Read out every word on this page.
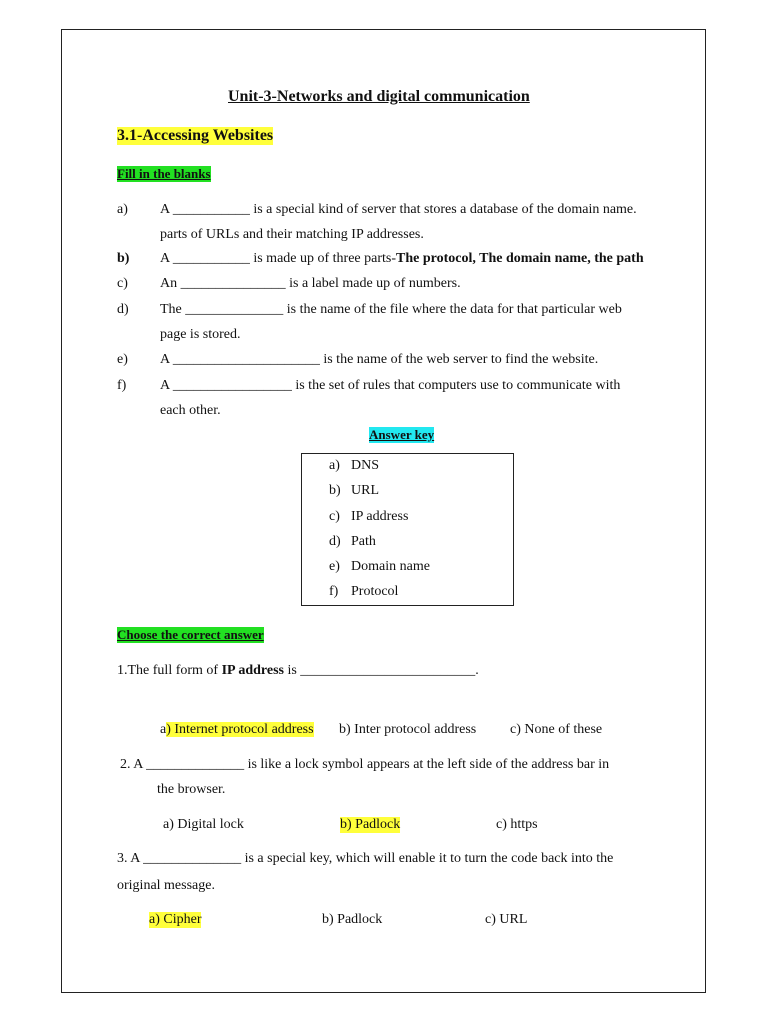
Unit-3-Networks and digital communication
3.1-Accessing Websites
Fill in the blanks
a) A ___________ is a special kind of server that stores a database of the domain name.
parts of URLs and their matching IP addresses.
b) A ___________ is made up of three parts-The protocol, The domain name, the path
c) An _______________ is a label made up of numbers.
d) The ______________ is the name of the file where the data for that particular web
page is stored.
e) A _____________________ is the name of the web server to find the website.
f) A _________________ is the set of rules that computers use to communicate with
each other.
Answer key
a) DNS
b) URL
c) IP address
d) Path
e) Domain name
f) Protocol
Choose the correct answer
1.The full form of IP address is _________________________.
a) Internet protocol address b) Inter protocol address c) None of these
2. A ______________ is like a lock symbol appears at the left side of the address bar in
the browser.
a) Digital lock	b) Padlock	c) https
3. A ______________ is a special key, which will enable it to turn the code back into the
original message.
a) Cipher	b) Padlock	c) URL
